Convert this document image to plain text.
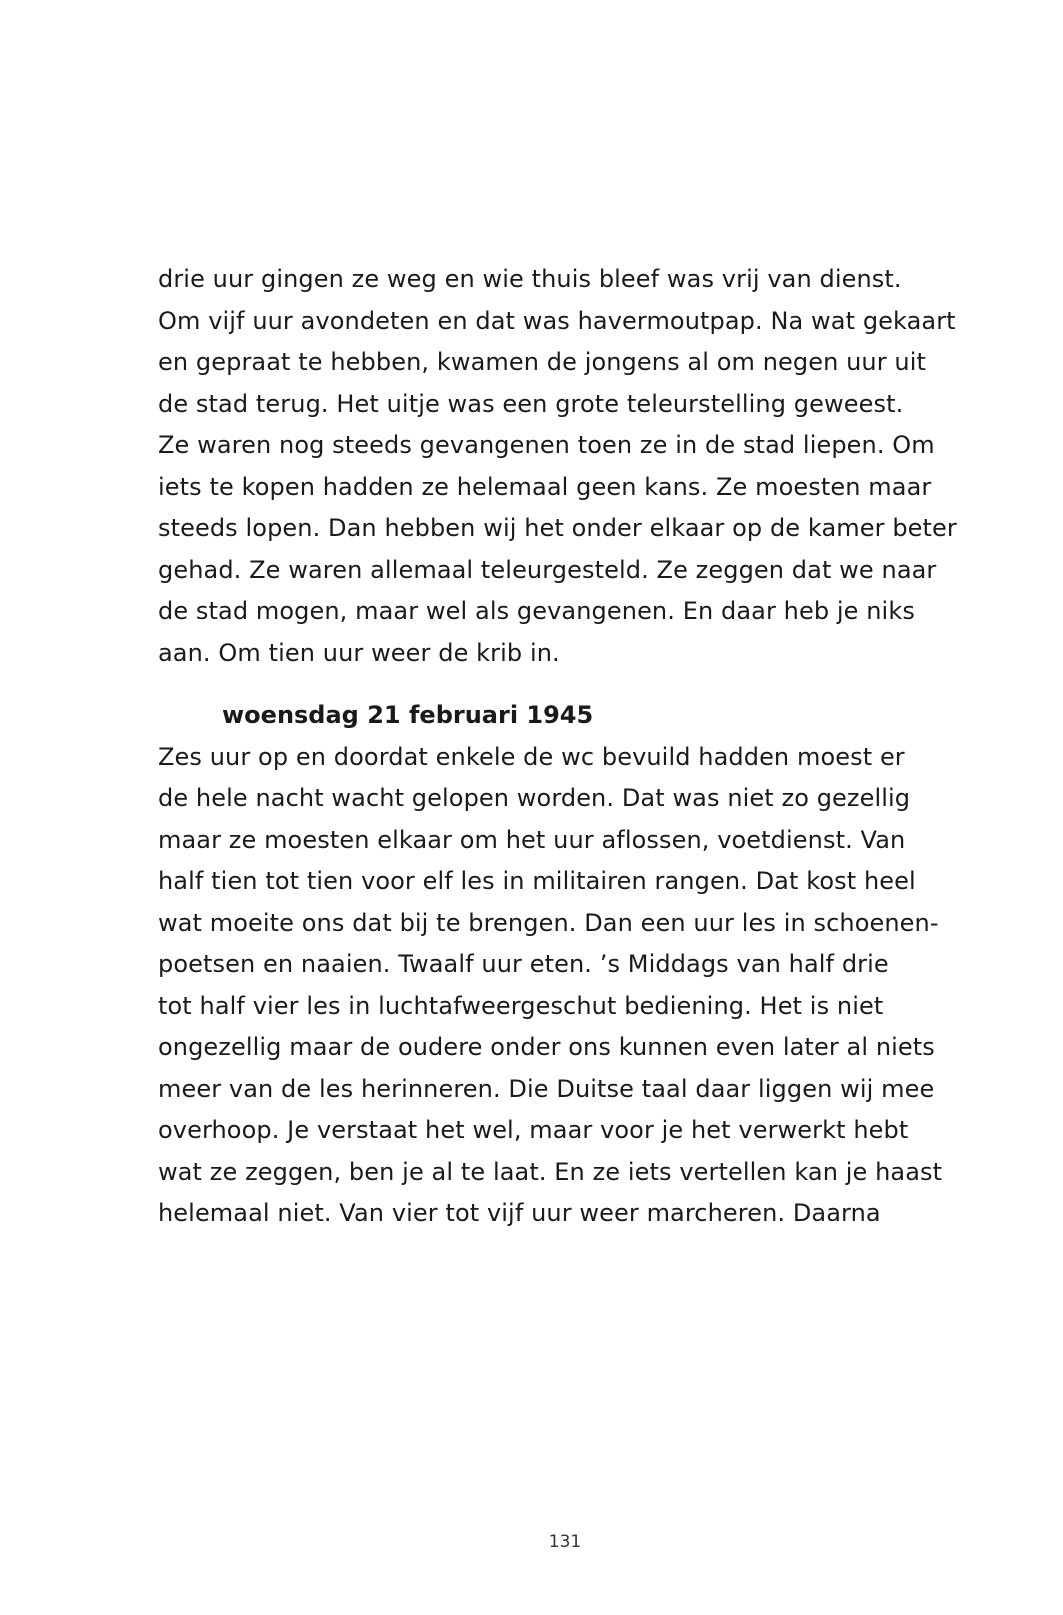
drie uur gingen ze weg en wie thuis bleef was vrij van dienst.
Om vijf uur avondeten en dat was havermoutpap. Na wat gekaart
en gepraat te hebben, kwamen de jongens al om negen uur uit
de stad terug. Het uitje was een grote teleurstelling geweest.
Ze waren nog steeds gevangenen toen ze in de stad liepen. Om
iets te kopen hadden ze helemaal geen kans. Ze moesten maar
steeds lopen. Dan hebben wij het onder elkaar op de kamer beter
gehad. Ze waren allemaal teleurgesteld. Ze zeggen dat we naar
de stad mogen, maar wel als gevangenen. En daar heb je niks
aan. Om tien uur weer de krib in.
woensdag 21 februari 1945
Zes uur op en doordat enkele de wc bevuild hadden moest er
de hele nacht wacht gelopen worden. Dat was niet zo gezellig
maar ze moesten elkaar om het uur aflossen, voetdienst. Van
half tien tot tien voor elf les in militairen rangen. Dat kost heel
wat moeite ons dat bij te brengen. Dan een uur les in schoenen-
poetsen en naaien. Twaalf uur eten. ’s Middags van half drie
tot half vier les in luchtafweergeschut bediening. Het is niet
ongezellig maar de oudere onder ons kunnen even later al niets
meer van de les herinneren. Die Duitse taal daar liggen wij mee
overhoop. Je verstaat het wel, maar voor je het verwerkt hebt
wat ze zeggen, ben je al te laat. En ze iets vertellen kan je haast
helemaal niet. Van vier tot vijf uur weer marcheren. Daarna
131
